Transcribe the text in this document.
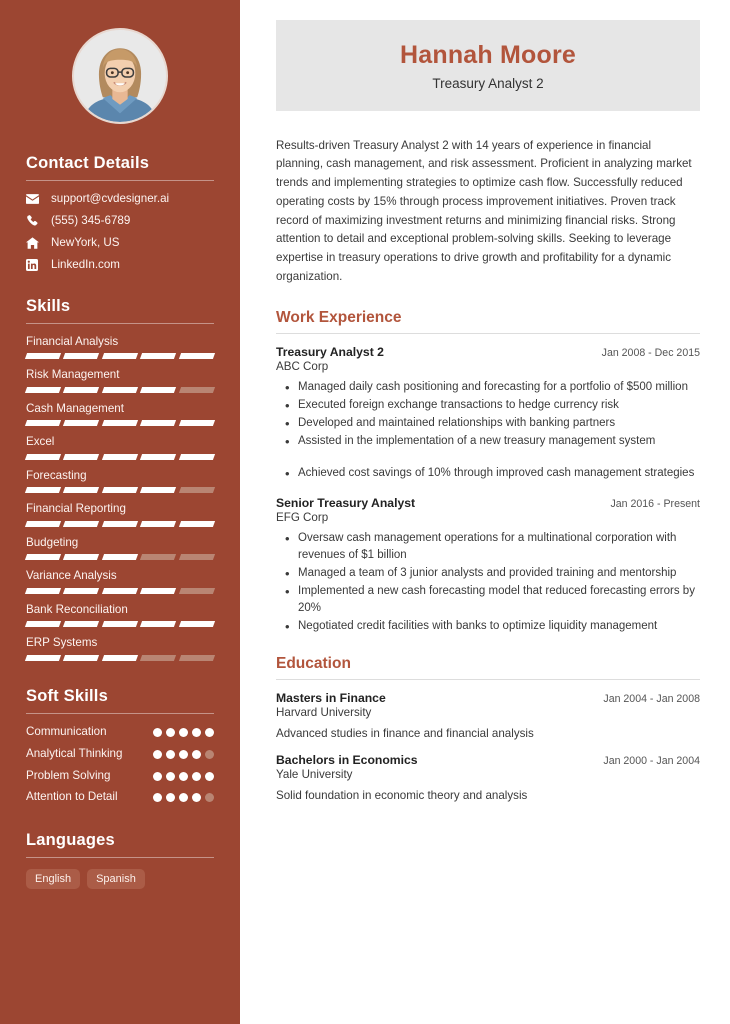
Contact Details
support@cvdesigner.ai
(555) 345-6789
NewYork, US
LinkedIn.com
Skills
Financial Analysis
Risk Management
Cash Management
Excel
Forecasting
Financial Reporting
Budgeting
Variance Analysis
Bank Reconciliation
ERP Systems
Soft Skills
Communication
Analytical Thinking
Problem Solving
Attention to Detail
Languages
English	Spanish
Hannah Moore
Treasury Analyst 2

Results-driven Treasury Analyst 2 with 14 years of experience in financial planning, cash management, and risk assessment. Proficient in analyzing market trends and implementing strategies to optimize cash flow. Successfully reduced operating costs by 15% through process improvement initiatives. Proven track record of maximizing investment returns and minimizing financial risks. Strong attention to detail and exceptional problem-solving skills. Seeking to leverage expertise in treasury operations to drive growth and profitability for a dynamic organization.

Work Experience
Treasury Analyst 2	Jan 2008 - Dec 2015
ABC Corp
• Managed daily cash positioning and forecasting for a portfolio of $500 million
• Executed foreign exchange transactions to hedge currency risk
• Developed and maintained relationships with banking partners
• Assisted in the implementation of a new treasury management system
• Achieved cost savings of 10% through improved cash management strategies
Senior Treasury Analyst	Jan 2016 - Present
EFG Corp
• Oversaw cash management operations for a multinational corporation with revenues of $1 billion
• Managed a team of 3 junior analysts and provided training and mentorship
• Implemented a new cash forecasting model that reduced forecasting errors by 20%
• Negotiated credit facilities with banks to optimize liquidity management
Education
Masters in Finance	Jan 2004 - Jan 2008
Harvard University
Advanced studies in finance and financial analysis
Bachelors in Economics	Jan 2000 - Jan 2004
Yale University
Solid foundation in economic theory and analysis
